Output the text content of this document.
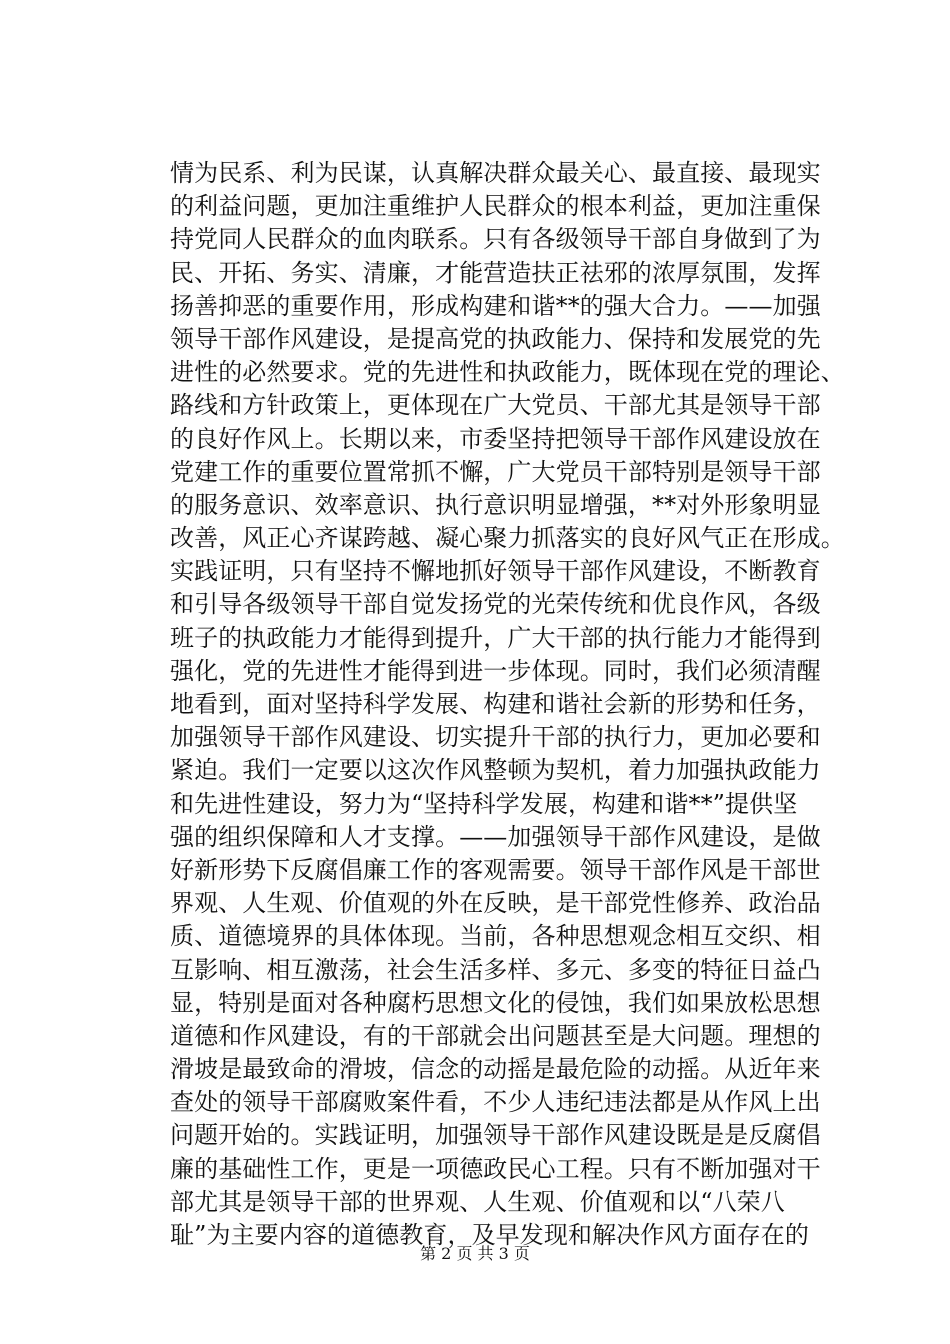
情为民系、利为民谋，认真解决群众最关心、最直接、最现实
的利益问题，更加注重维护人民群众的根本利益，更加注重保
持党同人民群众的血肉联系。只有各级领导干部自身做到了为
民、开拓、务实、清廉，才能营造扶正祛邪的浓厚氛围，发挥
扬善抑恶的重要作用，形成构建和谐**的强大合力。——加强
领导干部作风建设，是提高党的执政能力、保持和发展党的先
进性的必然要求。党的先进性和执政能力，既体现在党的理论、
路线和方针政策上，更体现在广大党员、干部尤其是领导干部
的良好作风上。长期以来，市委坚持把领导干部作风建设放在
党建工作的重要位置常抓不懈，广大党员干部特别是领导干部
的服务意识、效率意识、执行意识明显增强，**对外形象明显
改善，风正心齐谋跨越、凝心聚力抓落实的良好风气正在形成。
实践证明，只有坚持不懈地抓好领导干部作风建设，不断教育
和引导各级领导干部自觉发扬党的光荣传统和优良作风，各级
班子的执政能力才能得到提升，广大干部的执行能力才能得到
强化，党的先进性才能得到进一步体现。同时，我们必须清醒
地看到，面对坚持科学发展、构建和谐社会新的形势和任务，
加强领导干部作风建设、切实提升干部的执行力，更加必要和
紧迫。我们一定要以这次作风整顿为契机，着力加强执政能力
和先进性建设，努力为“坚持科学发展，构建和谐**”提供坚
强的组织保障和人才支撑。——加强领导干部作风建设，是做
好新形势下反腐倡廉工作的客观需要。领导干部作风是干部世
界观、人生观、价值观的外在反映，是干部党性修养、政治品
质、道德境界的具体体现。当前，各种思想观念相互交织、相
互影响、相互激荡，社会生活多样、多元、多变的特征日益凸
显，特别是面对各种腐朽思想文化的侵蚀，我们如果放松思想
道德和作风建设，有的干部就会出问题甚至是大问题。理想的
滑坡是最致命的滑坡，信念的动摇是最危险的动摇。从近年来
查处的领导干部腐败案件看，不少人违纪违法都是从作风上出
问题开始的。实践证明，加强领导干部作风建设既是是反腐倡
廉的基础性工作，更是一项德政民心工程。只有不断加强对干
部尤其是领导干部的世界观、人生观、价值观和以“八荣八
耻”为主要内容的道德教育，及早发现和解决作风方面存在的
第 2 页 共 3 页
